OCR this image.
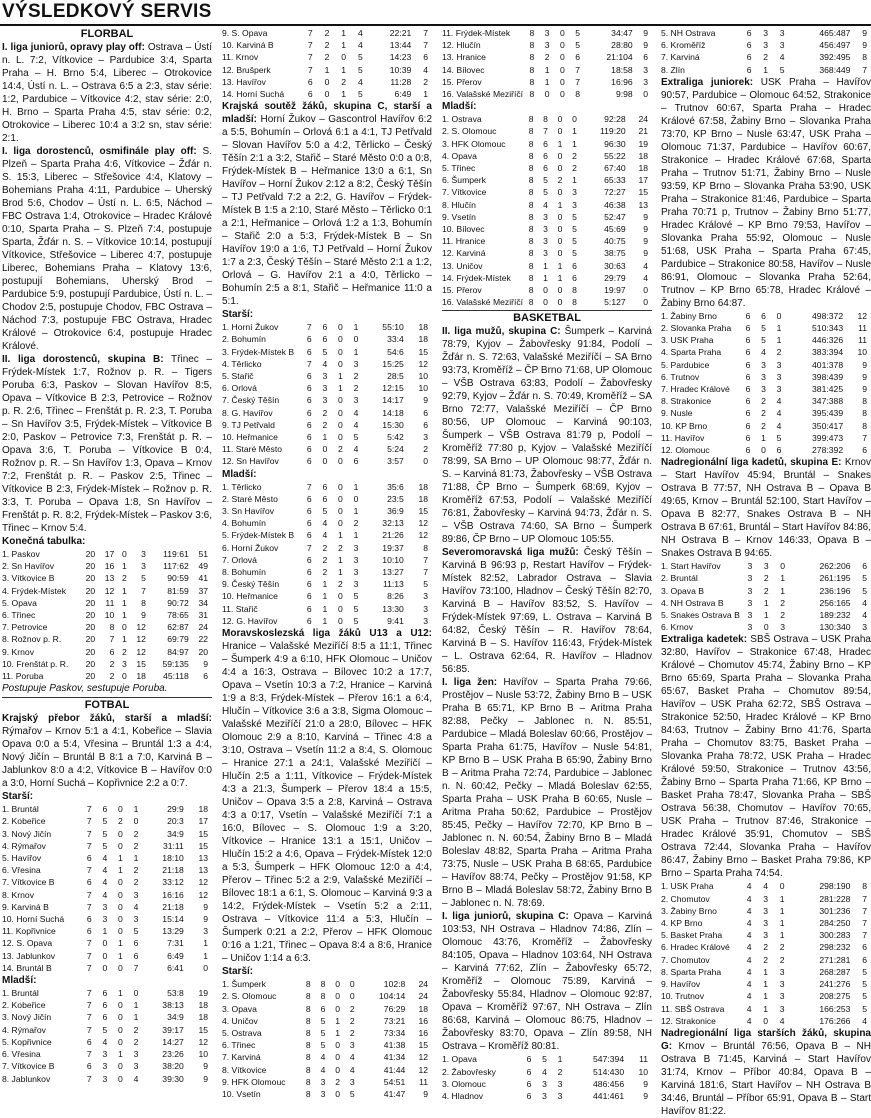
VÝSLEDKOVÝ SERVIS
FLORBAL
I. liga juniorů, opravy play off: Ostrava – Ústí n. L. 7:2, Vítkovice – Pardubice 3:4, Sparta Praha – H. Brno 5:4, Liberec – Otrokovice 14:4, Ústí n. L. – Ostrava 6:5 a 2:3, stav série: 1:2, Pardubice – Vítkovice 4:2, stav série: 2:0, H. Brno – Sparta Praha 4:5, stav série: 0:2, Otrokovice – Liberec 10:4 a 3:2 sn, stav série: 2:1.
I. liga dorostenců, osmifinále play off: S. Plzeň – Sparta Praha 4:6, Vítkovice – Žďár n. S. 15:3, Liberec – Střešovice 4:4, Klatovy – Bohemians Praha 4:11, Pardubice – Uherský Brod 5:6, Chodov – Ústí n. L. 6:5, Náchod – FBC Ostrava 1:4, Otrokovice – Hradec Králové 0:10, Sparta Praha – S. Plzeň 7:4, postupuje Sparta, Žďár n. S. – Vítkovice 10:14, postupují Vítkovice, Střešovice – Liberec 4:7, postupuje Liberec, Bohemians Praha – Klatovy 13:6, postupují Bohemians, Uherský Brod – Pardubice 5:9, postupují Pardubice, Ústí n. L. – Chodov 2:5, postupuje Chodov, FBC Ostrava – Náchod 7:3, postupuje FBC Ostrava, Hradec Králové – Otrokovice 6:4, postupuje Hradec Králové.
II. liga dorostenců, skupina B: Třinec – Frýdek-Místek 1:7, Rožnov p. R. – Tigers Poruba 6:3, Paskov – Slovan Havířov 8:5, Opava – Vítkovice B 2:3, Petrovice – Rožnov p. R. 2:6, Třinec – Frenštát p. R. 2:3, T. Poruba – Sn Havířov 3:5, Frýdek-Místek – Vítkovice B 2:0, Paskov – Petrovice 7:3, Frenštát p. R. – Opava 3:6, T. Poruba – Vítkovice B 0:4, Rožnov p. R. – Sn Havířov 1:3, Opava – Krnov 7:2, Frenštát p. R. – Paskov 2:5, Třinec – Vítkovice B 2:3, Frýdek-Místek – Rožnov p. R. 3:3, T. Poruba – Opava 1:8, Sn Havířov – Frenštát p. R. 8:2, Frýdek-Místek – Paskov 3:6, Třinec – Krnov 5:4.
Konečná tabulka:
1. Paskov	20	17	0	3	119:61	51
2. Sn Havířov	20	16	1	3	117:62	49
3. Vítkovice B	20	13	2	5	90:59	41
4. Frýdek-Místek	20	12	1	7	81:59	37
5. Opava	20	11	1	8	90:72	34
6. Třinec	20	10	1	9	78:65	31
7. Petrovice	20	8	0	12	62:87	24
8. Rožnov p. R.	20	7	1	12	69:79	22
9. Krnov	20	6	2	12	84:97	20
10. Frenštát p. R.	20	2	3	15	59:135	9
11. Poruba	20	2	0	18	45:118	6
Postupuje Paskov, sestupuje Poruba.
FOTBAL
Krajský přebor žáků, starší a mladší: Rýmařov – Krnov 5:1 a 4:1, Kobeřice – Slavia Opava 0:0 a 5:4, Vřesina – Bruntál 1:3 a 4:4, Nový Jičín – Bruntál B 8:1 a 7:0, Karviná B – Jablunkov 8:0 a 4:2, Vítkovice B – Havířov 0:0 a 3:0, Horní Suchá – Kopřivnice 2:2 a 0:7.
Starší:
1. Bruntál	7	6	0	1	29:9	18
2. Kobeřice	7	5	2	0	20:3	17
3. Nový Jičín	7	5	0	2	34:9	15
4. Rýmařov	7	5	0	2	31:11	15
5. Havířov	6	4	1	1	18:10	13
6. Vřesina	7	4	1	2	21:18	13
7. Vítkovice B	6	4	0	2	33:12	12
8. Krnov	7	4	0	3	16:16	12
9. Karviná B	7	3	0	4	21:18	9
10. Horní Suchá	6	3	0	3	15:14	9
11. Kopřivnice	6	1	0	5	13:29	3
12. S. Opava	7	0	1	6	7:31	1
13. Jablunkov	7	0	1	6	6:49	1
14. Bruntál B	7	0	0	7	6:41	0
Mladší:
1. Bruntál	7	6	1	0	53:8	19
2. Kobeřice	7	6	0	1	38:13	18
3. Nový Jičín	7	6	0	1	34:9	18
4. Rýmařov	7	5	0	2	39:17	15
5. Kopřivnice	6	4	0	2	14:27	12
6. Vřesina	7	3	1	3	23:26	10
7. Vítkovice B	6	3	0	3	38:20	9
8. Jablunkov	7	3	0	4	39:30	9
9. S. Opava	7	2	1	4	22:21	7
10. Karviná B	7	2	1	4	13:44	7
11. Krnov	7	2	0	5	14:23	6
12. Brušperk	7	1	1	5	10:39	4
13. Havířov	6	0	2	4	11:28	2
14. Horní Suchá	6	0	1	5	6:49	1
Krajská soutěž žáků, skupina C, starší a mladší: Horní Žukov – Gascontrol Havířov 6:2 a 5:5, Bohumín – Orlová 6:1 a 4:1, TJ Petřvald – Slovan Havířov 5:0 a 4:2, Těrlicko – Český Těšín 2:1 a 3:2, Stařič – Staré Město 0:0 a 0:8, Frýdek-Místek B – Heřmanice 13:0 a 6:1, Sn Havířov – Horní Žukov 2:12 a 8:2, Český Těšín – TJ Petřvald 7:2 a 2:2, G. Havířov – Frýdek-Místek B 1:5 a 2:10, Staré Město – Těrlicko 0:1 a 2:1, Heřmanice – Orlová 1:2 a 1:3, Bohumín – Stařič 2:0 a 5:3, Frýdek-Místek B – Sn Havířov 19:0 a 1:6, TJ Petřvald – Horní Žukov 1:7 a 2:3, Český Těšín – Staré Město 2:1 a 1:2, Orlová – G. Havířov 2:1 a 4:0, Těrlicko – Bohumín 2:5 a 8:1, Stařič – Heřmanice 11:0 a 5:1.
Starší:
1. Horní Žukov	7	6	0	1	55:10	18
2. Bohumín	6	6	0	0	33:4	18
3. Frýdek-Místek B	6	5	0	1	54:6	15
4. Těrlicko	7	4	0	3	15:25	12
5. Stařič	6	3	1	2	28:5	10
6. Orlová	6	3	1	2	12:15	10
7. Český Těšín	6	3	0	3	14:17	9
8. G. Havířov	6	2	0	4	14:18	6
9. TJ Petřvald	6	2	0	4	15:30	6
10. Heřmanice	6	1	0	5	5:42	3
11. Staré Město	6	0	2	4	5:24	2
12. Sn Havířov	6	0	0	6	3:57	0
Mladší:
1. Těrlicko	7	6	0	1	35:6	18
2. Staré Město	6	6	0	0	23:5	18
3. Sn Havířov	6	5	0	1	36:9	15
4. Bohumín	6	4	0	2	32:13	12
5. Frýdek-Místek B	6	4	1	1	21:26	12
6. Horní Žukov	7	2	2	3	19:37	8
7. Orlová	6	2	1	3	10:10	7
8. Bohumín	6	2	1	3	13:27	7
9. Český Těšín	6	1	2	3	11:13	5
10. Heřmanice	6	1	0	5	8:26	3
11. Stařič	6	1	0	5	13:30	3
12. G. Havířov	6	1	0	5	9:41	3
Moravskoslezská liga žáků U13 a U12: Hranice – Valašské Meziříčí 8:5 a 11:1, Třinec – Šumperk 4:9 a 6:10, HFK Olomouc – Uničov 4:4 a 16:3, Ostrava – Bílovec 10:2 a 17:7, Opava – Vsetín 10:3 a 7:2, Hranice – Karviná 1:9 a 8:3, Frýdek-Místek – Přerov 16:1 a 6:4, Hlučín – Vítkovice 3:6 a 3:8, Sigma Olomouc – Valašské Meziříčí 21:0 a 28:0, Bílovec – HFK Olomouc 2:9 a 8:10, Karviná – Třinec 4:8 a 3:10, Ostrava – Vsetín 11:2 a 8:4, S. Olomouc – Hranice 27:1 a 24:1, Valašské Meziříčí – Hlučín 2:5 a 1:11, Vítkovice – Frýdek-Místek 4:3 a 21:3, Šumperk – Přerov 18:4 a 15:5, Uničov – Opava 3:5 a 2:8, Karviná – Ostrava 4:3 a 0:17, Vsetín – Valašské Meziříčí 7:1 a 16:0, Bílovec – S. Olomouc 1:9 a 3:20, Vítkovice – Hranice 13:1 a 15:1, Uničov – Hlučín 15:2 a 4:6, Opava – Frýdek-Místek 12:0 a 5:3, Šumperk – HFK Olomouc 12:0 a 4:4, Přerov – Třinec 5:2 a 2:9, Valašské Meziříčí – Bílovec 18:1 a 6:1, S. Olomouc – Karviná 9:3 a 14:2, Frýdek-Místek – Vsetín 5:2 a 2:11, Ostrava – Vítkovice 11:4 a 5:3, Hlučín – Šumperk 0:21 a 2:2, Přerov – HFK Olomouc 0:16 a 1:21, Třinec – Opava 8:4 a 8:6, Hranice – Uničov 1:14 a 6:3.
Starší:
1. Šumperk	8	8	0	0	102:8	24
2. S. Olomouc	8	8	0	0	104:14	24
3. Opava	8	6	0	2	76:29	18
4. Uničov	8	5	1	2	73:21	16
5. Ostrava	8	5	1	2	73:34	16
6. Třinec	8	5	0	3	41:38	15
7. Karviná	8	4	0	4	41:34	12
8. Vítkovice	8	4	0	4	41:44	12
9. HFK Olomouc	8	3	2	3	54:51	11
10. Vsetín	8	3	0	5	41:47	9
11. Frýdek-Místek	8	3	0	5	34:47	9
12. Hlučín	8	3	0	5	28:80	9
13. Hranice	8	2	0	6	21:104	6
14. Bílovec	8	1	0	7	18:58	3
15. Přerov	8	1	0	7	16:96	3
16. Valašské Meziříčí	8	0	0	8	9:98	0
Mladší:
1. Ostrava	8	8	0	0	92:28	24
2. S. Olomouc	8	7	0	1	119:20	21
3. HFK Olomouc	8	6	1	1	96:30	19
4. Opava	8	6	0	2	55:22	18
5. Třinec	8	6	0	2	67:40	18
6. Šumperk	8	5	2	1	65:33	17
7. Vítkovice	8	5	0	3	72:27	15
8. Hlučín	8	4	1	3	46:38	13
9. Vsetín	8	3	0	5	52:47	9
10. Bílovec	8	3	0	5	45:69	9
11. Hranice	8	3	0	5	40:75	9
12. Karviná	8	3	0	5	38:75	9
13. Uničov	8	1	1	6	30:63	4
14. Frýdek-Místek	8	1	1	6	29:79	4
15. Přerov	8	0	0	8	19:97	0
16. Valašské Meziříčí	8	0	0	8	5:127	0
BASKETBAL
II. liga mužů, skupina C: Šumperk – Karviná 78:79, Kyjov – Žabovřesky 91:84, Podolí – Žďár n. S. 72:63, Valašské Meziříčí – SA Brno 93:73, Kroměříž – ČP Brno 71:68, UP Olomouc – VŠB Ostrava 63:83, Podolí – Žabovřesky 92:79, Kyjov – Žďár n. S. 70:49, Kroměříž – SA Brno 72:77, Valašské Meziříčí – ČP Brno 80:56, UP Olomouc – Karviná 90:103, Šumperk – VŠB Ostrava 81:79 p, Podolí – Kroměříž 77:80 p, Kyjov – Valašské Meziříčí 78:99, SA Brno – UP Olomouc 98:77, Žďár n. S. – Karviná 81:73, Žabovřesky – VŠB Ostrava 71:88, ČP Brno – Šumperk 68:69, Kyjov – Kroměříž 67:53, Podolí – Valašské Meziříčí 76:81, Žabovřesky – Karviná 94:73, Žďár n. S. – VŠB Ostrava 74:60, SA Brno – Šumperk 89:86, ČP Brno – UP Olomouc 105:55.
Severomoravská liga mužů: Český Těšín – Karviná B 96:93 p, Restart Havířov – Frýdek-Místek 82:52, Labrador Ostrava – Slavia Havířov 73:100, Hladnov – Český Těšín 82:70, Karviná B – Havířov 83:52, S. Havířov – Frýdek-Místek 97:69, L. Ostrava – Karviná B 64:82, Český Těšín – R. Havířov 78:64, Karviná B – S. Havířov 116:43, Frýdek-Místek – L. Ostrava 62:64, R. Havířov – Hladnov 56:85.
I. liga žen: Havířov – Sparta Praha 79:66, Prostějov – Nusle 53:72, Žabiny Brno B – USK Praha B 65:71, KP Brno B – Aritma Praha 82:88, Pečky – Jablonec n. N. 85:51, Pardubice – Mladá Boleslav 60:66, Prostějov – Sparta Praha 61:75, Havířov – Nusle 54:81, KP Brno B – USK Praha B 65:90, Žabiny Brno B – Aritma Praha 72:74, Pardubice – Jablonec n. N. 60:42, Pečky – Mladá Boleslav 62:55, Sparta Praha – USK Praha B 60:65, Nusle – Aritma Praha 50:62, Pardubice – Prostějov 85:45, Pečky – Havířov 72:70, KP Brno B – Jablonec n. N. 60:54, Žabiny Brno B – Mladá Boleslav 48:82, Sparta Praha – Aritma Praha 73:75, Nusle – USK Praha B 68:65, Pardubice – Havířov 88:74, Pečky – Prostějov 91:58, KP Brno B – Mladá Boleslav 58:72, Žabiny Brno B – Jablonec n. N. 78:69.
I. liga juniorů, skupina C: Opava – Karviná 103:53, NH Ostrava – Hladnov 74:86, Zlín – Olomouc 43:76, Kroměříž – Žabovřesky 84:105, Opava – Hladnov 103:64, NH Ostrava – Karviná 77:62, Zlín – Žabovřesky 65:72, Kroměříž – Olomouc 75:89, Karviná – Žabovřesky 55:84, Hladnov – Olomouc 92:87, Opava – Kroměříž 97:67, NH Ostrava – Zlín 86:68, Karviná – Olomouc 86:75, Hladnov – Žabovřesky 83:70, Opava – Zlín 89:58, NH Ostrava – Kroměříž 80:81.
1. Opava	6	5	1	547:394	11
2. Žabovřesky	6	4	2	514:430	10
3. Olomouc	6	3	3	486:456	9
4. Hladnov	6	3	3	441:461	9
5. NH Ostrava	6	3	3	465:487	9
6. Kroměříž	6	3	3	456:497	9
7. Karviná	6	2	4	392:495	8
8. Zlín	6	1	5	368:449	7
Extraliga juniorek: USK Praha – Havířov 90:57, Pardubice – Olomouc 64:52, Strakonice – Trutnov 60:67, Sparta Praha – Hradec Králové 67:58, Žabiny Brno – Slovanka Praha 73:70, KP Brno – Nusle 63:47, USK Praha – Olomouc 71:37, Pardubice – Havířov 60:67, Strakonice – Hradec Králové 67:68, Sparta Praha – Trutnov 51:71, Žabiny Brno – Nusle 93:59, KP Brno – Slovanka Praha 53:90, USK Praha – Strakonice 81:46, Pardubice – Sparta Praha 70:71 p, Trutnov – Žabiny Brno 51:77, Hradec Králové – KP Brno 79:53, Havířov – Slovanka Praha 55:92, Olomouc – Nusle 51:68, USK Praha – Sparta Praha 67:45, Pardubice – Strakonice 80:58, Havířov – Nusle 86:91, Olomouc – Slovanka Praha 52:64, Trutnov – KP Brno 65:78, Hradec Králové – Žabiny Brno 64:87.
1. Žabiny Brno	6	6	0	498:372	12
2. Slovanka Praha	6	5	1	510:343	11
3. USK Praha	6	5	1	446:326	11
4. Sparta Praha	6	4	2	383:394	10
5. Pardubice	6	3	3	401:378	9
6. Trutnov	6	3	3	398:439	9
7. Hradec Králové	6	3	3	381:425	9
8. Strakonice	6	2	4	347:388	8
9. Nusle	6	2	4	395:439	8
10. KP Brno	6	2	4	350:417	8
11. Havířov	6	1	5	399:473	7
12. Olomouc	6	0	6	278:392	6
Nadregionální liga kadetů, skupina E: Krnov – Start Havířov 45:94, Bruntál – Snakes Ostrava B 77:57, NH Ostrava B – Opava B 49:65, Krnov – Bruntál 52:100, Start Havířov – Opava B 82:77, Snakes Ostrava B – NH Ostrava B 67:61, Bruntál – Start Havířov 84:86, NH Ostrava B – Krnov 146:33, Opava B – Snakes Ostrava B 94:65.
1. Start Havířov	3	3	0	262:206	6
2. Bruntál	3	2	1	261:195	5
3. Opava B	3	2	1	236:196	5
4. NH Ostrava B	3	1	2	256:165	4
5. Snakes Ostrava B	3	1	2	189:232	4
6. Krnov	3	0	3	130:340	3
Extraliga kadetek: SBŠ Ostrava – USK Praha 32:80, Havířov – Strakonice 67:48, Hradec Králové – Chomutov 45:74, Žabiny Brno – KP Brno 65:69, Sparta Praha – Slovanka Praha 65:67, Basket Praha – Chomutov 89:54, Havířov – USK Praha 62:72, SBŠ Ostrava – Strakonice 52:50, Hradec Králové – KP Brno 84:63, Trutnov – Žabiny Brno 41:76, Sparta Praha – Chomutov 83:75, Basket Praha – Slovanka Praha 78:72, USK Praha – Hradec Králové 59:50, Strakonice – Trutnov 43:56, Žabiny Brno – Sparta Praha 71:66, KP Brno – Basket Praha 78:47, Slovanka Praha – SBŠ Ostrava 56:38, Chomutov – Havířov 70:65, USK Praha – Trutnov 87:46, Strakonice – Hradec Králové 35:91, Chomutov – SBŠ Ostrava 72:44, Slovanka Praha – Havířov 86:47, Žabiny Brno – Basket Praha 79:86, KP Brno – Sparta Praha 74:54.
1. USK Praha	4	4	0	298:190	8
2. Chomutov	4	3	1	281:228	7
3. Žabiny Brno	4	3	1	301:236	7
4. KP Brno	4	3	1	284:250	7
5. Basket Praha	4	3	1	300:283	7
6. Hradec Králové	4	2	2	298:232	6
7. Chomutov	4	2	2	271:281	6
8. Sparta Praha	4	1	3	268:287	5
9. Havířov	4	1	3	241:276	5
10. Trutnov	4	1	3	208:275	5
11. SBŠ Ostrava	4	1	3	166:253	5
12. Strakonice	4	0	4	176:266	4
Nadregionální liga starších žáků, skupina G: Krnov – Bruntál 76:56, Opava B – NH Ostrava B 71:45, Karviná – Start Havířov 31:74, Krnov – Příbor 40:84, Opava B – Karviná 181:6, Start Havířov – NH Ostrava B 34:46, Bruntál – Příbor 65:91, Opava B – Start Havířov 81:22.
